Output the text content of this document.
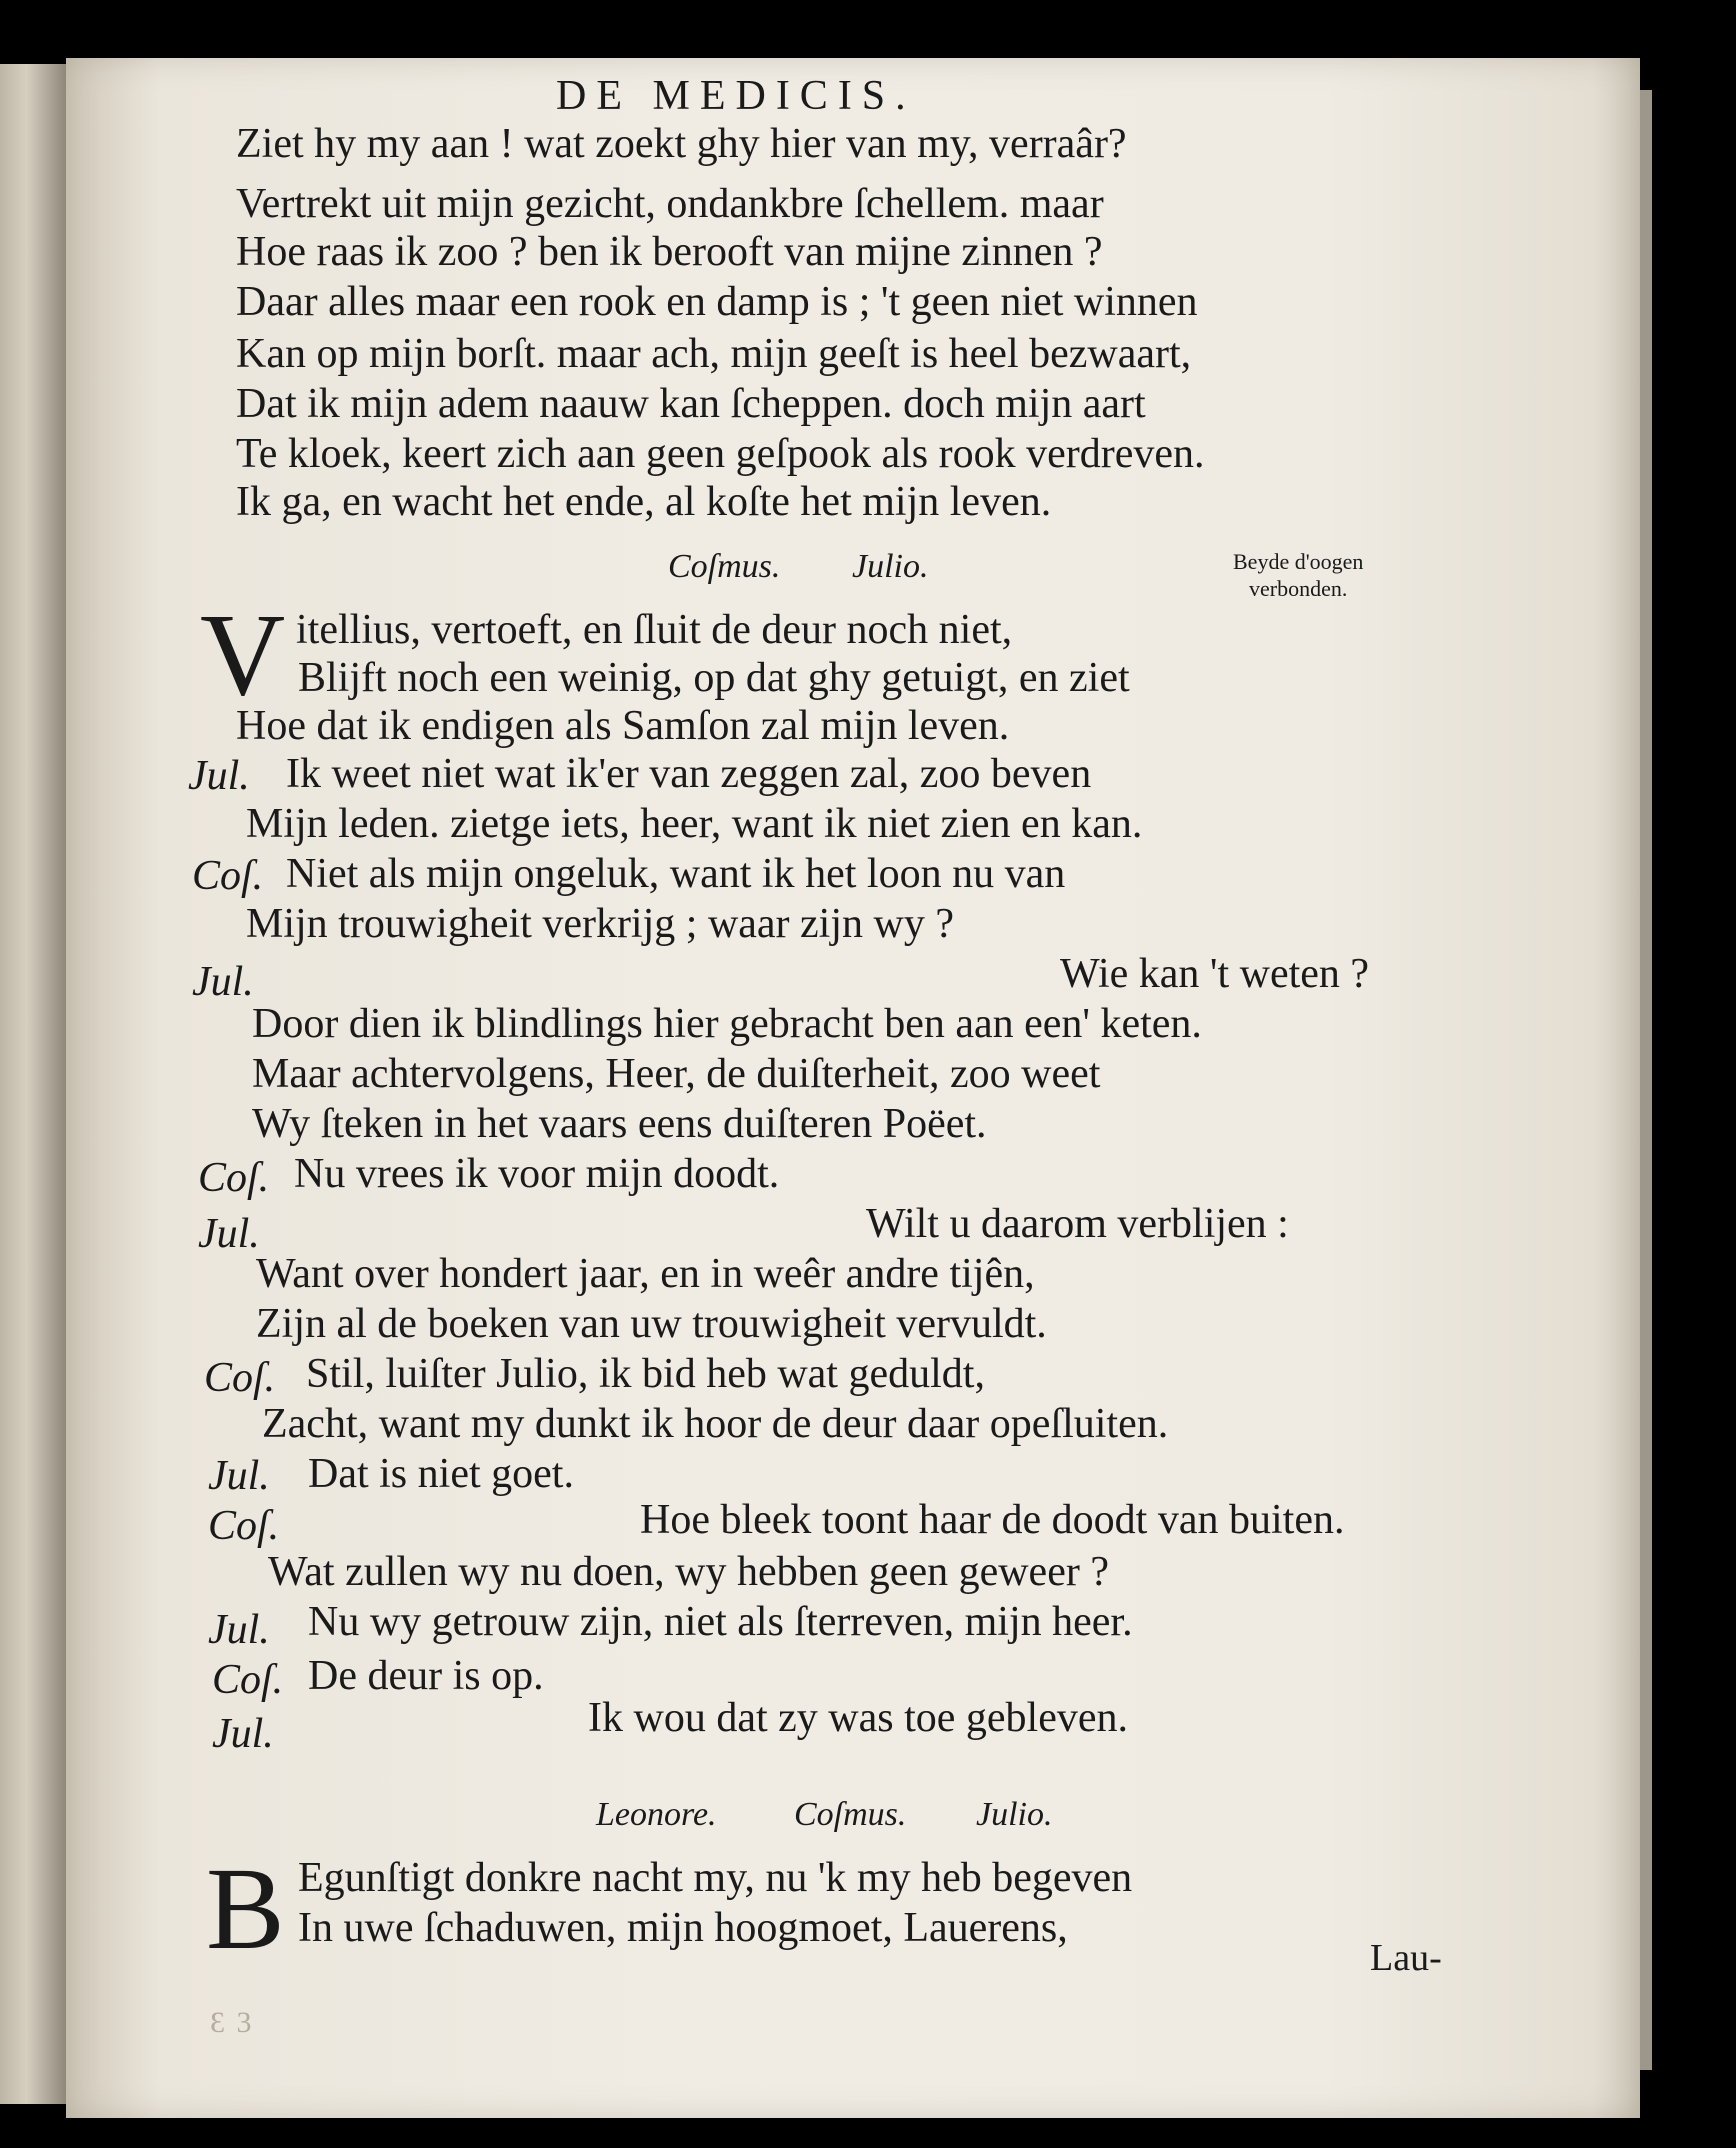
DE MEDICIS.
Ziet hy my aan ! wat zoekt ghy hier van my, verraâr?
Vertrekt uit mijn gezicht, ondankbre ſchellem. maar
Hoe raas ik zoo ? ben ik berooft van mijne zinnen ?
Daar alles maar een rook en damp is ; 't geen niet winnen
Kan op mijn borſt. maar ach, mijn geeſt is heel bezwaart,
Dat ik mijn adem naauw kan ſcheppen. doch mijn aart
Te kloek, keert zich aan geen geſpook als rook verdreven.
Ik ga, en wacht het ende, al koſte het mijn leven.
Coſmus. Julio.	Beyde d'oogen
verbonden.
V itellius, vertoeft, en ſluit de deur noch niet,
Blijft noch een weinig, op dat ghy getuigt, en ziet
Hoe dat ik endigen als Samſon zal mijn leven.
Jul. Ik weet niet wat ik'er van zeggen zal, zoo beven
Mijn leden. zietge iets, heer, want ik niet zien en kan.
Coſ. Niet als mijn ongeluk, want ik het loon nu van
Mijn trouwigheit verkrijg ; waar zijn wy ?
Jul.	Wie kan 't weten ?
Door dien ik blindlings hier gebracht ben aan een' keten.
Maar achtervolgens, Heer, de duiſterheit, zoo weet
Wy ſteken in het vaars eens duiſteren Poëet.
Coſ. Nu vrees ik voor mijn doodt.
Jul.	Wilt u daarom verblijen :
Want over hondert jaar, en in weêr andre tijên,
Zijn al de boeken van uw trouwigheit vervuldt.
Coſ. Stil, luiſter Julio, ik bid heb wat geduldt,
Zacht, want my dunkt ik hoor de deur daar opeſluiten.
Jul. Dat is niet goet.
Coſ.	Hoe bleek toont haar de doodt van buiten.
Wat zullen wy nu doen, wy hebben geen geweer ?
Jul. Nu wy getrouw zijn, niet als ſterreven, mijn heer.
Coſ. De deur is op.
Jul.	Ik wou dat zy was toe gebleven.
Leonore. Coſmus. Julio.
B Egunſtigt donkre nacht my, nu 'k my heb begeven
In uwe ſchaduwen, mijn hoogmoet, Lauerens,
Lau-
Ɛ 3
